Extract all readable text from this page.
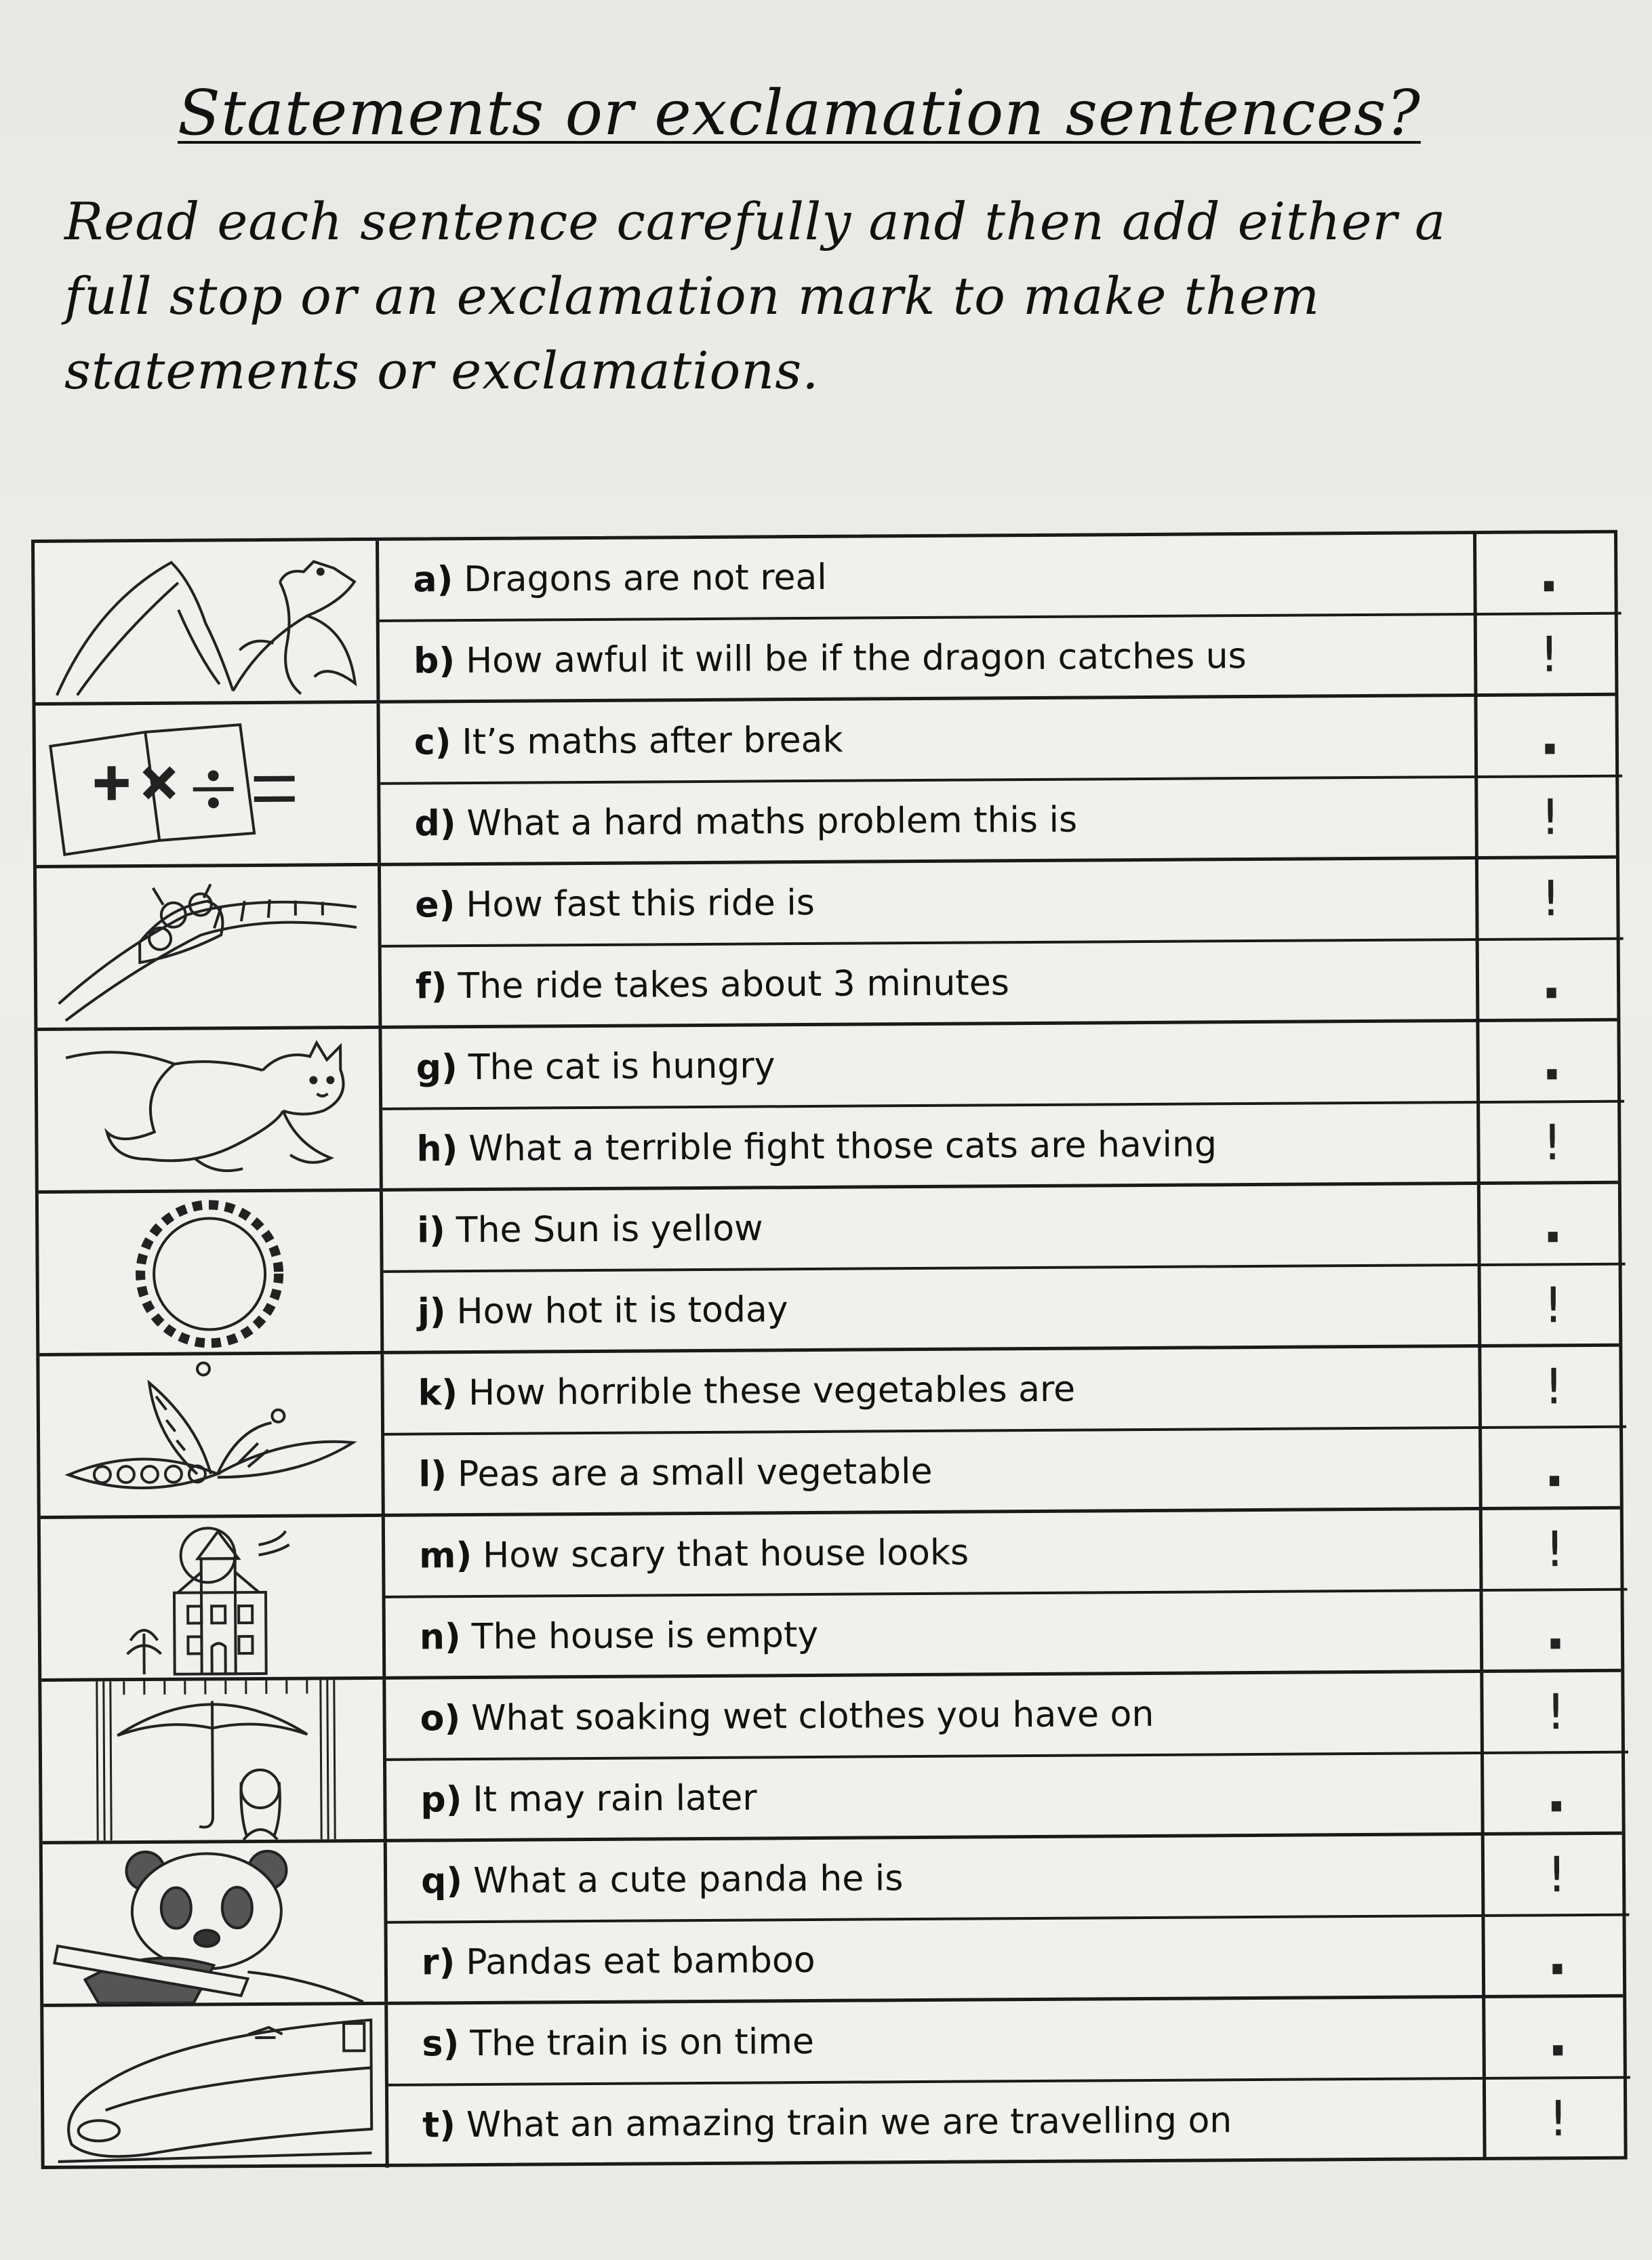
Statements or exclamation sentences?
Read each sentence carefully and then add either a full stop or an exclamation mark to make them statements or exclamations.
a) Dragons are not real	.
b) How awful it will be if the dragon catches us	!
c) It’s maths after break	.
d) What a hard maths problem this is	!
e) How fast this ride is	!
f) The ride takes about 3 minutes	.
g) The cat is hungry	.
h) What a terrible fight those cats are having	!
i) The Sun is yellow	.
j) How hot it is today	!
k) How horrible these vegetables are	!
l) Peas are a small vegetable	.
m) How scary that house looks	!
n) The house is empty	.
o) What soaking wet clothes you have on	!
p) It may rain later	.
q) What a cute panda he is	!
r) Pandas eat bamboo	.
s) The train is on time	.
t) What an amazing train we are travelling on	!
